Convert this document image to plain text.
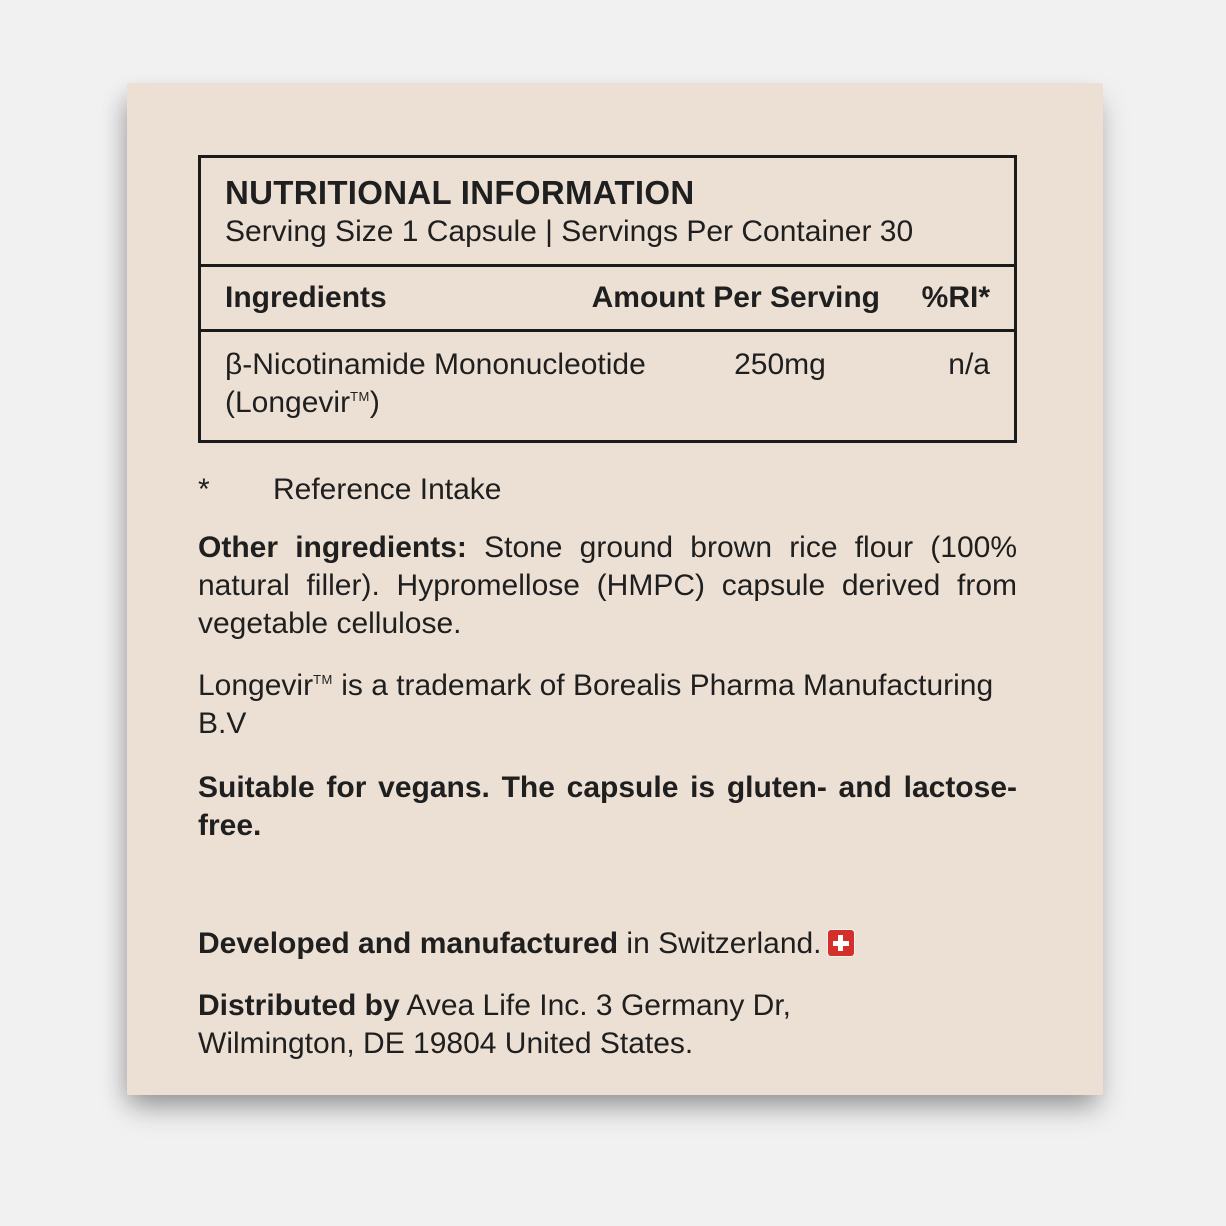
NUTRITIONAL INFORMATION
Serving Size 1 Capsule | Servings Per Container 30
Ingredients	Amount Per Serving	%RI*
β-Nicotinamide Mononucleotide
(Longevir™)
250mg	n/a
*	Reference Intake

Other ingredients: Stone ground brown rice flour (100% natural filler). Hypromellose (HMPC) capsule derived from vegetable cellulose.

Longevir™ is a trademark of Borealis Pharma Manufacturing B.V

Suitable for vegans. The capsule is gluten- and lactose-free.

Developed and manufactured in Switzerland.

Distributed by Avea Life Inc. 3 Germany Dr,
Wilmington, DE 19804 United States.
